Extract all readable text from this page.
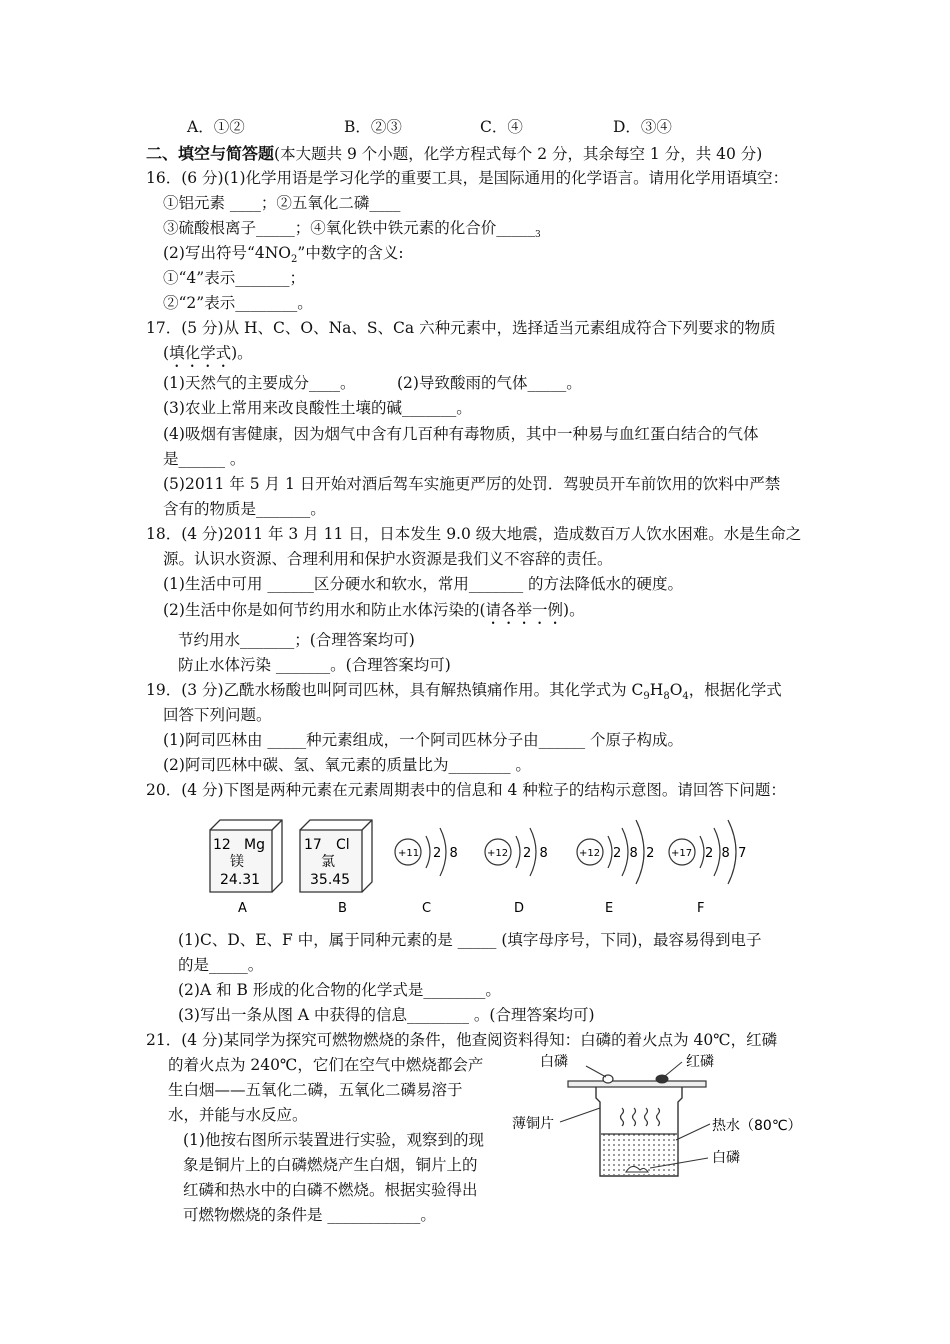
A．①②	B．②③	C．④	D．③④
二、填空与简答题(本大题共 9 个小题，化学方程式每个 2 分，其余每空 1 分，共 40 分)
16．(6 分)(1)化学用语是学习化学的重要工具，是国际通用的化学语言。请用化学用语填空：
①铝元素 ____；②五氧化二磷____
③硫酸根离子_____；④氧化铁中铁元素的化合价$\_\_\_\_\__3$
(2)写出符号“$4NO_2$”中数字的含义:
①“4”表示_______；
②“2”表示________。
17．(5 分)从 H、C、O、Na、S、Ca 六种元素中，选择适当元素组成符合下列要求的物质
(填化学式)。
(1)天然气的主要成分____。	(2)导致酸雨的气体_____。
(3)农业上常用来改良酸性土壤的碱_______。
(4)吸烟有害健康，因为烟气中含有几百种有毒物质，其中一种易与血红蛋白结合的气体
是______ 。
(5)2011 年 5 月 1 日开始对酒后驾车实施更严厉的处罚．驾驶员开车前饮用的饮料中严禁
含有的物质是_______。
18．(4 分)2011 年 3 月 11 日，日本发生 9.0 级大地震，造成数百万人饮水困难。水是生命之
源。认识水资源、合理利用和保护水资源是我们义不容辞的责任。
(1)生活中可用 ______区分硬水和软水，常用_______ 的方法降低水的硬度。
(2)生活中你是如何节约用水和防止水体污染的(请各举一例)。
节约用水_______；(合理答案均可)
防止水体污染 _______。(合理答案均可)
19．(3 分)乙酰水杨酸也叫阿司匹林，具有解热镇痛作用。其化学式为 $C_9H_8O_4$，根据化学式
回答下列问题。
(1)阿司匹林由 _____种元素组成，一个阿司匹林分子由______ 个原子构成。
(2)阿司匹林中碳、氢、氧元素的质量比为________ 。
20．(4 分)下图是两种元素在元素周期表中的信息和 4 种粒子的结构示意图。请回答下问题：
12 Mg
镁
24.31
A
17 Cl
氯
35.45
B
+11 2  8
C
+12 2  8
D
+12 2  8  2
E
+17 2  8  7
F
(1)C、D、E、F 中，属于同种元素的是 _____ (填字母序号，下同)，最容易得到电子
的是_____。
(2)A 和 B 形成的化合物的化学式是________。
(3)写出一条从图 A 中获得的信息________ 。(合理答案均可)
21．(4 分)某同学为探究可燃物燃烧的条件，他查阅资料得知：白磷的着火点为 40℃，红磷
的着火点为 240℃，它们在空气中燃烧都会产
生白烟——五氧化二磷，五氧化二磷易溶于
水，并能与水反应。
(1)他按右图所示装置进行实验，观察到的现
象是铜片上的白磷燃烧产生白烟，铜片上的
红磷和热水中的白磷不燃烧。根据实验得出
可燃物燃烧的条件是 ____________。
白磷	红磷
薄铜片	热水（80℃）
白磷
